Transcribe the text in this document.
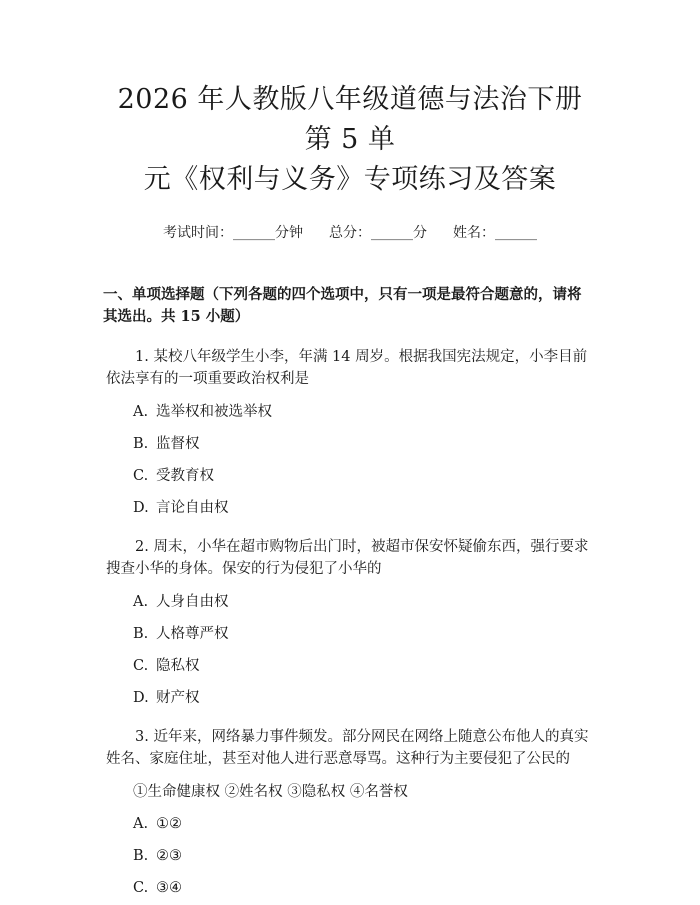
2026 年人教版八年级道德与法治下册第 5 单
元《权利与义务》专项练习及答案
考试时间：______分钟 总分：______分 姓名：______
一、单项选择题（下列各题的四个选项中，只有一项是最符合题意的，请将其选出。共 15 小题）
1. 某校八年级学生小李，年满 14 周岁。根据我国宪法规定，小李目前依法享有的一项重要政治权利是
A. 选举权和被选举权
B. 监督权
C. 受教育权
D. 言论自由权
2. 周末，小华在超市购物后出门时，被超市保安怀疑偷东西，强行要求搜查小华的身体。保安的行为侵犯了小华的
A. 人身自由权
B. 人格尊严权
C. 隐私权
D. 财产权
3. 近年来，网络暴力事件频发。部分网民在网络上随意公布他人的真实姓名、家庭住址，甚至对他人进行恶意辱骂。这种行为主要侵犯了公民的
①生命健康权 ②姓名权 ③隐私权 ④名誉权
A. ①②
B. ②③
C. ③④
